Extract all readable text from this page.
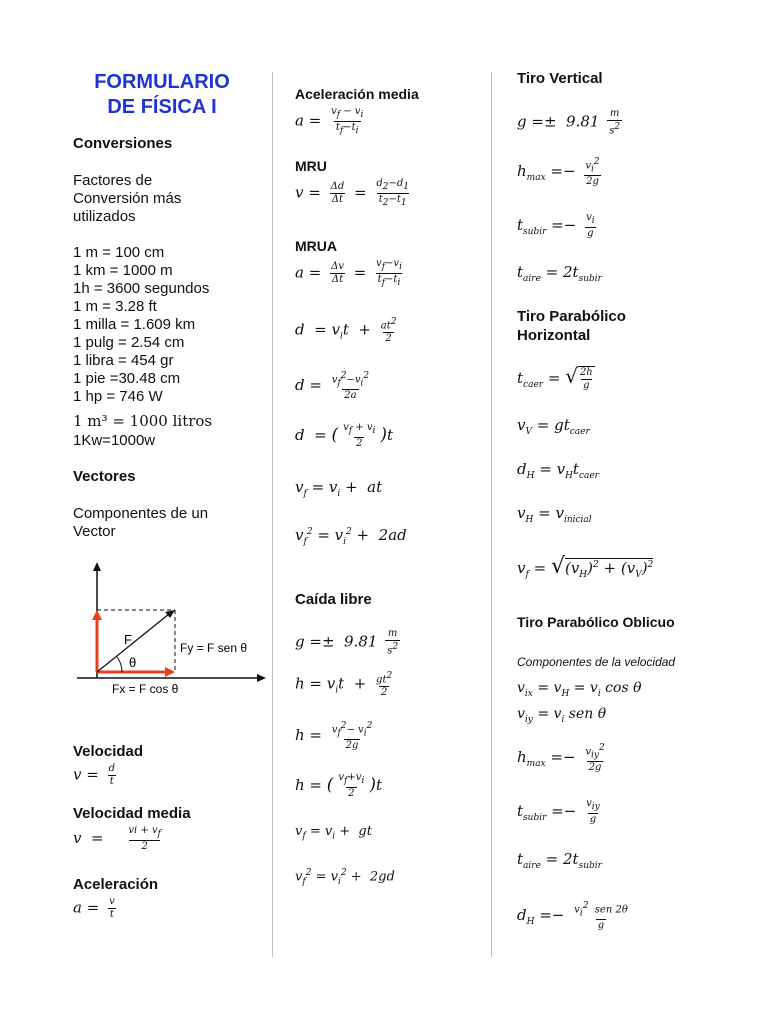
FORMULARIO
DE FÍSICA I
Conversiones
Factores de
Conversión más
utilizados
1 m = 100 cm
1 km = 1000 m
1h = 3600 segundos
1 m = 3.28 ft
1 milla = 1.609 km
1 pulg = 2.54 cm
1 libra = 454 gr
1 pie =30.48 cm
1 hp = 746 W
1 m³ = 1000 litros
1Kw=1000w
Vectores
Componentes de un
Vector
F
θ
Fy = F sen θ
Fx = F cos θ
Velocidad
$v = \frac{d}{t}$
Velocidad media
$v = \frac{vi + v_f}{2}$
Aceleración
$a = \frac{v}{t}$
Aceleración media
$a = \frac{v_f - v_i}{t_f-t_i}$
MRU
$v = \frac{\Delta d}{\Delta t} = \frac{d_2-d_1}{t_2-t_1}$
MRUA
$a = \frac{\Delta v}{\Delta t} = \frac{v_f-v_i}{t_f-t_i}$
$d = v_it + \frac{at^2}{2}$
$d = \frac{v_f^2-v_i^2}{2a}$
d  = ( $\frac{v_f + v_i}{2} )t$
$v_f = v_i$ +  at
$v_f^2 = v_i^2 + 2ad$
Caída libre
$g =\pm 9.81 \frac{m}{s^2}$
$h = v_it + \frac{gt^2}{2}$
$h = \frac{v_f^2- v_i^2}{2g}$
h = ( $\frac{v_f+v_i}{2} )t$
$v_f = v_i$ +  gt
$v_f^2 = v_i^2 + 2gd$
Tiro Vertical
$g =\pm 9.81 \frac{m}{s^2}$
$h_{max} =- \frac{v_i^2}{2g}$
$t_{subir} =- \frac{v_i}{g}$
$t_{aire} = 2t_{subir}$
Tiro Parabólico
Horizontal
$t_{caer}$ = √ $\frac{2h}{g}$
$v_V = gt_{caer}$
$d_H = v_Ht_{caer}$
$v_H = v_{inicial}$
$v_f = √(v_H)^2 + (v_V)^2$
Tiro Parabólico Oblicuo
Componentes de la velocidad
$v_{ix} = v_H = v_i$ cos θ
$v_{iy} = v_i$ sen θ
$h_{max} =- \frac{v_{iy}^2}{2g}$
$t_{subir} =- \frac{v_{iy}}{g}$
$t_{aire} = 2t_{subir}$
$d_H =- \frac{v_i^2 sen 2\theta}{g}$
